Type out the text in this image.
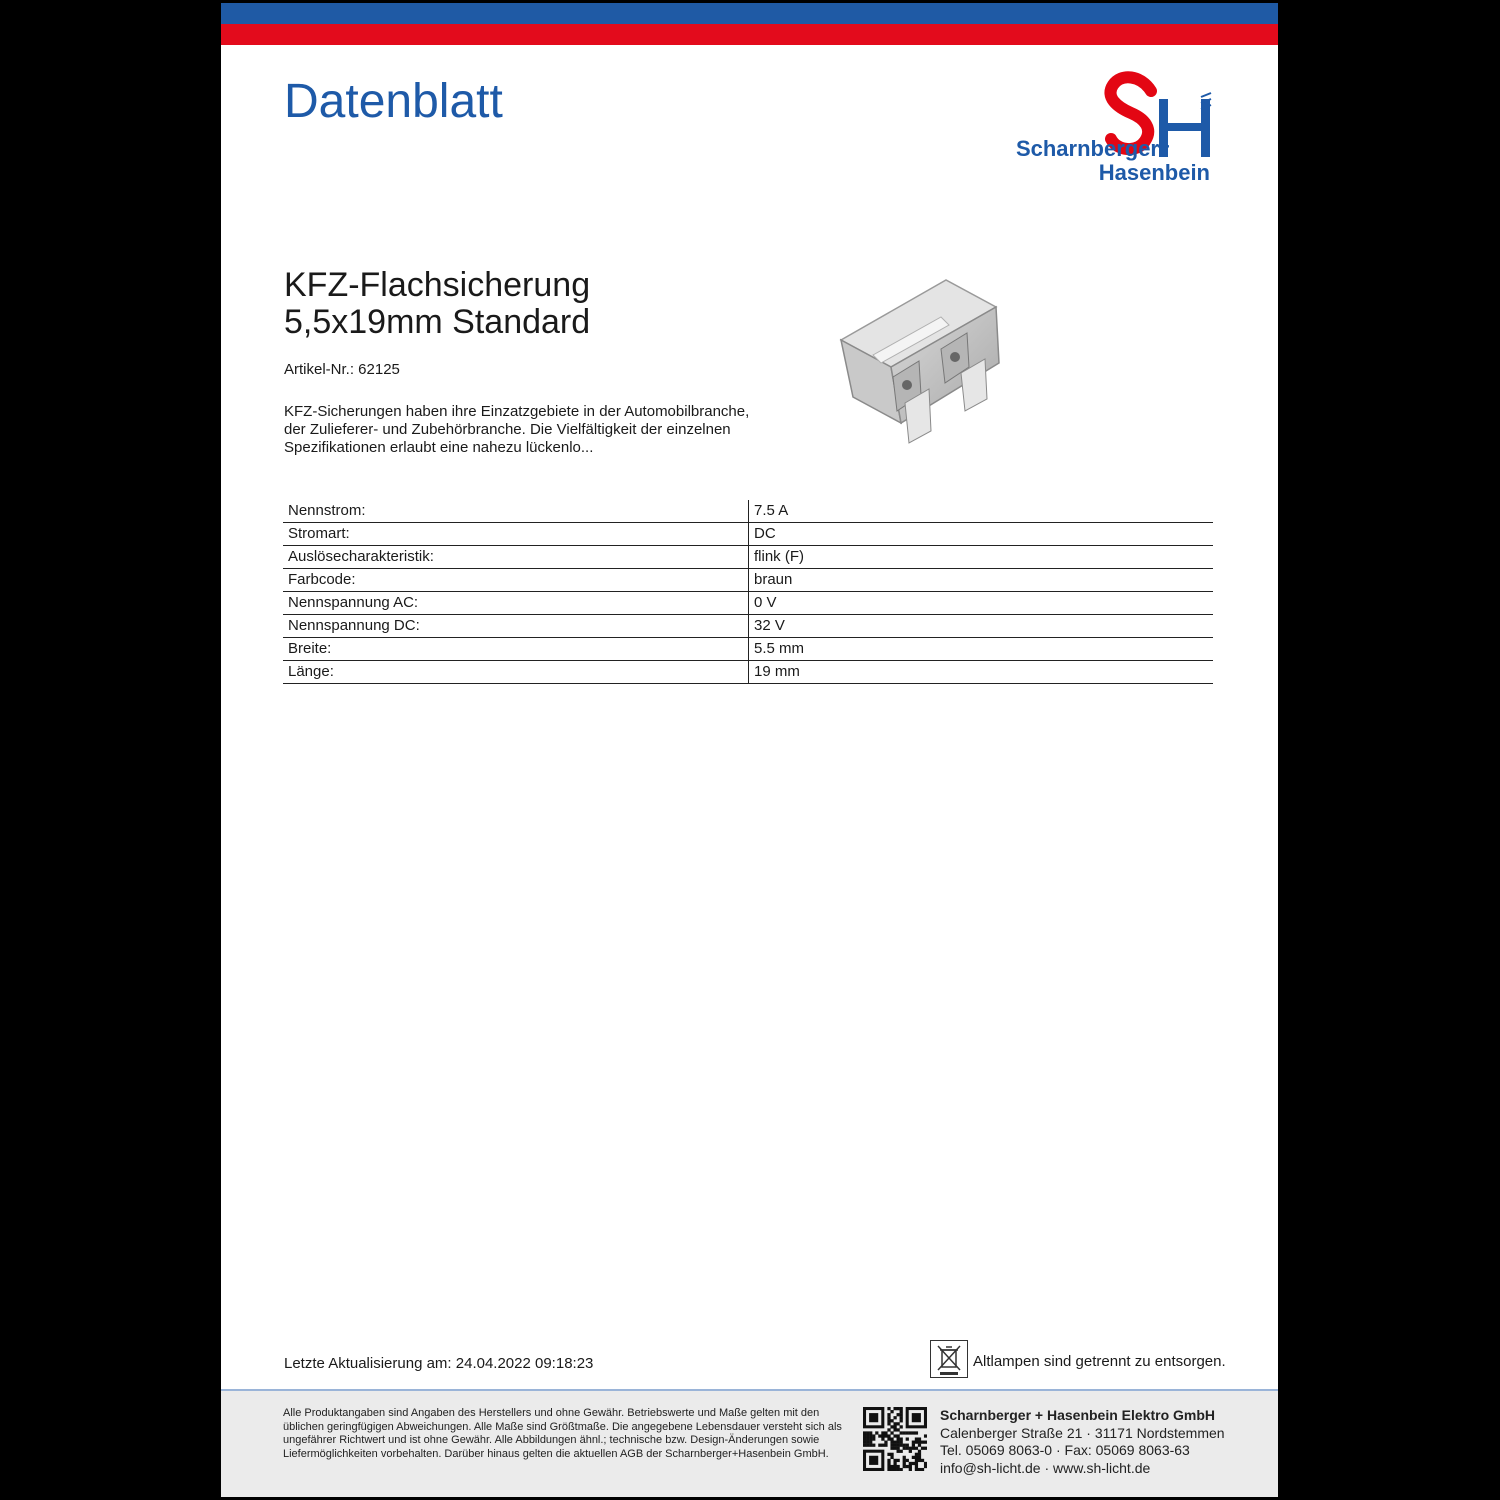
Datenblatt
Scharnberger
+
Hasenbein
KFZ-Flachsicherung
5,5x19mm Standard
Artikel-Nr.: 62125

KFZ-Sicherungen haben ihre Einzatzgebiete in der Automobilbranche, der Zulieferer- und Zubehörbranche. Die Vielfältigkeit der einzelnen Spezifikationen erlaubt eine nahezu lückenlo...

Nennstrom:	7.5 A
Stromart:	DC
Auslösecharakteristik:	flink (F)
Farbcode:	braun
Nennspannung AC:	0 V
Nennspannung DC:	32 V
Breite:	5.5 mm
Länge:	19 mm
Letzte Aktualisierung am: 24.04.2022 09:18:23	Altlampen sind getrennt zu entsorgen.
Alle Produktangaben sind Angaben des Herstellers und ohne Gewähr. Betriebswerte und Maße gelten mit den üblichen geringfügigen Abweichungen. Alle Maße sind Größtmaße. Die angegebene Lebensdauer versteht sich als ungefährer Richtwert und ist ohne Gewähr. Alle Abbildungen ähnl.; technische bzw. Design-Änderungen sowie Liefermöglichkeiten vorbehalten. Darüber hinaus gelten die aktuellen AGB der Scharnberger+Hasenbein GmbH.
Scharnberger + Hasenbein Elektro GmbH
Calenberger Straße 21 · 31171 Nordstemmen
Tel. 05069 8063-0 · Fax: 05069 8063-63
info@sh-licht.de · www.sh-licht.de
